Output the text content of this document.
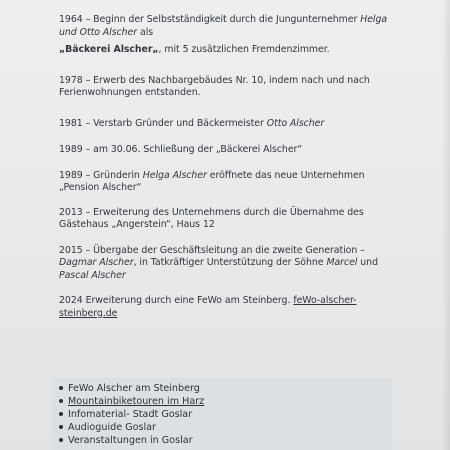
1964 – Beginn der Selbstständigkeit durch die Jungunternehmer Helga
und Otto Alscher als
„Bäckerei Alscher„, mit 5 zusätzlichen Fremdenzimmer.

1978 – Erwerb des Nachbargebäudes Nr. 10, indem nach und nach Ferienwohnungen entstanden.

1981 – Verstarb Gründer und Bäckermeister Otto Alscher

1989 – am 30.06. Schließung der „Bäckerei Alscher“

1989 – Gründerin Helga Alscher eröffnete das neue Unternehmen „Pension Alscher“

2013 – Erweiterung des Unternehmens durch die Übernahme des Gästehaus „Angerstein“, Haus 12

2015 – Übergabe der Geschäftsleitung an die zweite Generation – Dagmar Alscher, in Tatkräftiger Unterstützung der Söhne Marcel und Pascal Alscher

2024 Erweiterung durch eine FeWo am Steinberg. feWo-alscher-steinberg.de

FeWo Alscher am Steinberg
Mountainbiketouren im Harz
Infomaterial- Stadt Goslar
Audioguide Goslar
Veranstaltungen in Goslar
